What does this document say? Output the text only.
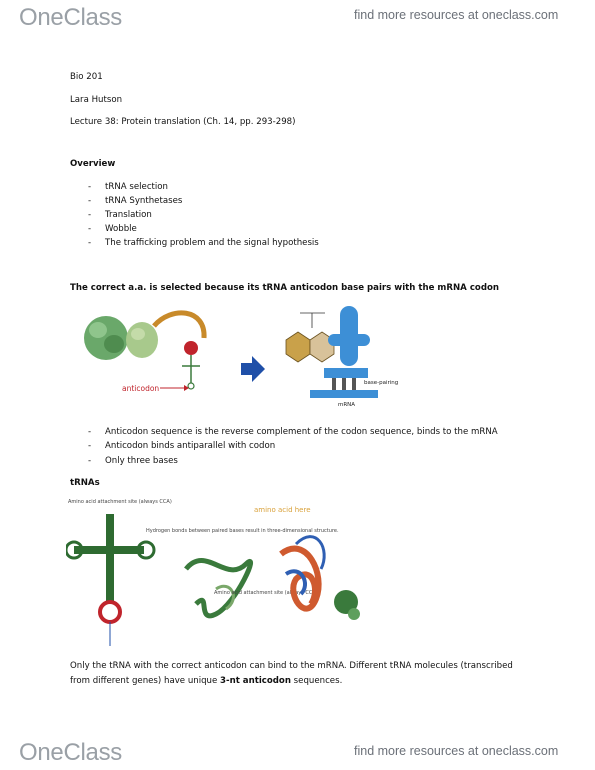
OneClass	find more resources at oneclass.com
Bio 201
Lara Hutson
Lecture 38: Protein translation (Ch. 14, pp. 293-298)
Overview
- tRNA selection
- tRNA Synthetases
- Translation
- Wobble
- The trafficking problem and the signal hypothesis
The correct a.a. is selected because its tRNA anticodon base pairs with the mRNA codon
anticodon
base-pairing
mRNA
- Anticodon sequence is the reverse complement of the codon sequence, binds to the mRNA
- Anticodon binds antiparallel with codon
- Only three bases
tRNAs
Amino acid attachment site (always CCA)
Hydrogen bonds between paired bases result in three-dimensional structure.
Amino acid attachment site (always CCA)
amino acid here
Only the tRNA with the correct anticodon can bind to the mRNA. Different tRNA molecules (transcribed
from different genes) have unique 3-nt anticodon sequences.
OneClass	find more resources at oneclass.com
